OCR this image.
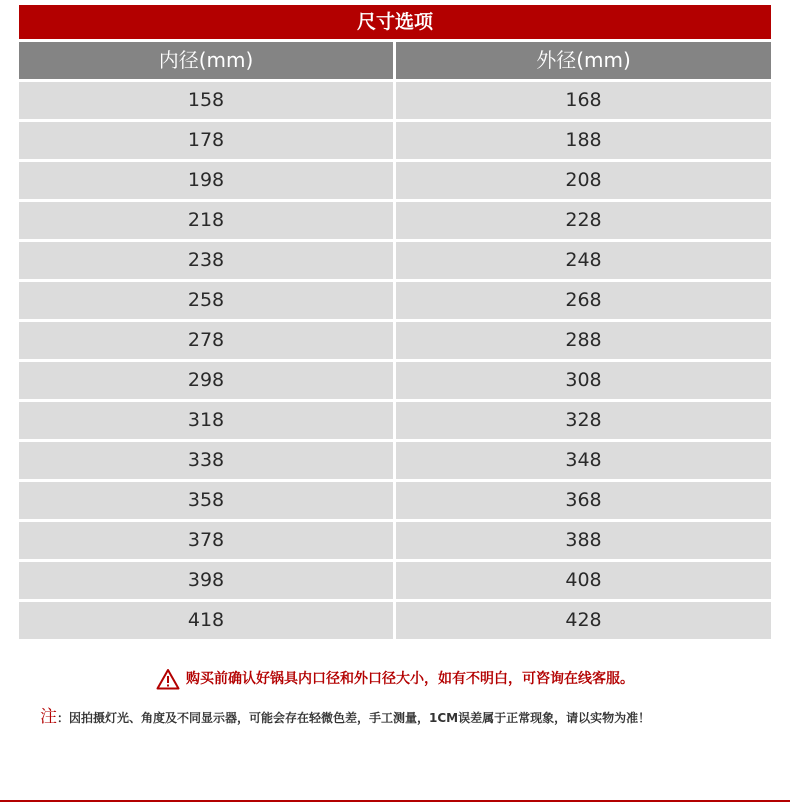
尺寸选项
内径(mm)	外径(mm)
158	168
178	188
198	208
218	228
238	248
258	268
278	288
298	308
318	328
338	348
358	368
378	388
398	408
418	428
购买前确认好锅具内口径和外口径大小，如有不明白，可咨询在线客服。
注：因拍摄灯光、角度及不同显示器，可能会存在轻微色差，手工测量，1CM误差属于正常现象，请以实物为准！
